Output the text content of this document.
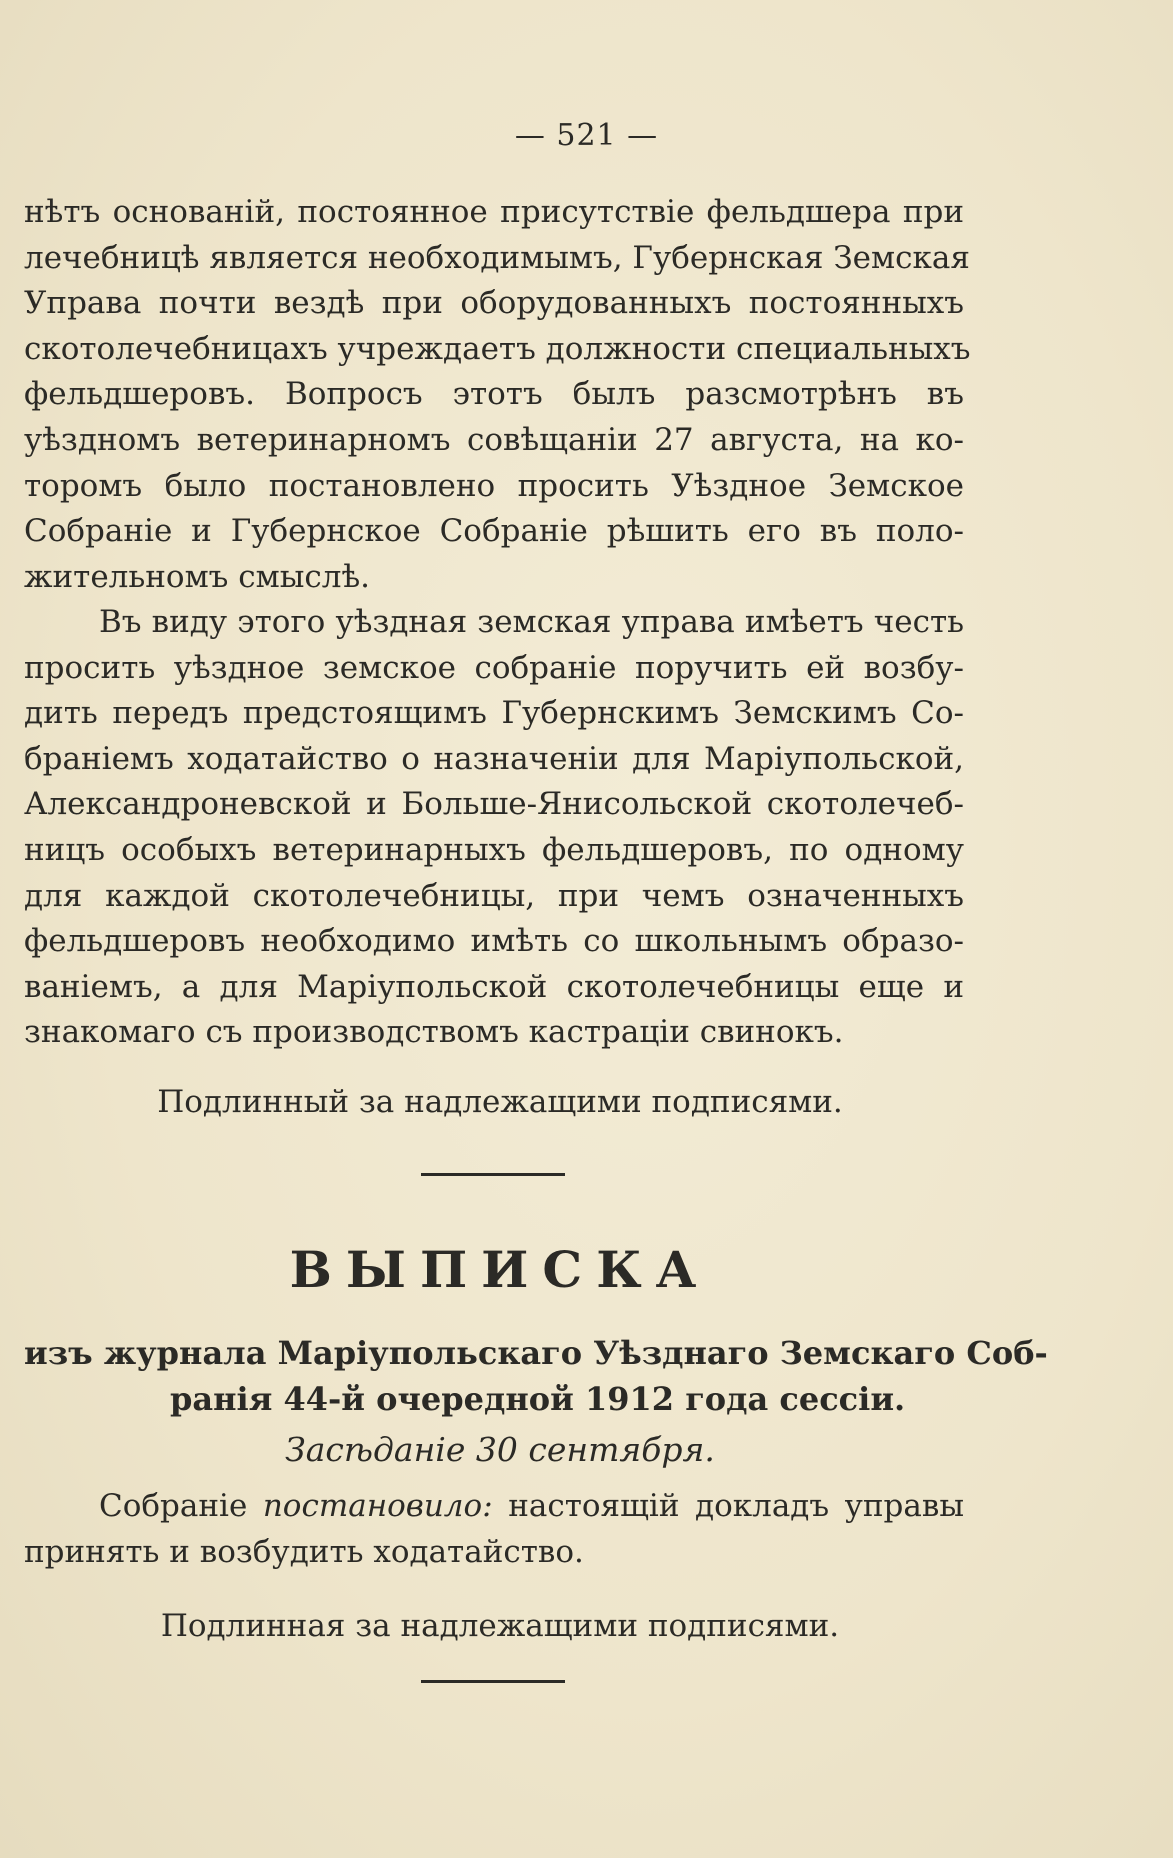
— 521 —
нѣтъ основаній, постоянное присутствіе фельдшера при
лечебницѣ является необходимымъ, Губернская Земская
Управа почти вездѣ при оборудованныхъ постоянныхъ
скотолечебницахъ учреждаетъ должности специальныхъ
фельдшеровъ. Вопросъ этотъ былъ разсмотрѣнъ въ
уѣздномъ ветеринарномъ совѣщаніи 27 августа, на ко-
торомъ было постановлено просить Уѣздное Земское
Собраніе и Губернское Собраніе рѣшить его въ поло-
жительномъ смыслѣ.
Въ виду этого уѣздная земская управа имѣетъ честь
просить уѣздное земское собраніе поручить ей возбу-
дить передъ предстоящимъ Губернскимъ Земскимъ Со-
браніемъ ходатайство о назначеніи для Маріупольской,
Александроневской и Больше-Янисольской скотолечеб-
ницъ особыхъ ветеринарныхъ фельдшеровъ, по одному
для каждой скотолечебницы, при чемъ означенныхъ
фельдшеровъ необходимо имѣть со школьнымъ образо-
ваніемъ, а для Маріупольской скотолечебницы еще и
знакомаго съ производствомъ кастраціи свинокъ.
Подлинный за надлежащими подписями.
ВЫПИСКА
изъ журнала Маріупольскаго Уѣзднаго Земскаго Соб-
ранія 44-й очередной 1912 года сессіи.
Засѣданіе 30 сентября.
Собраніе постановило: настоящій докладъ управы
принять и возбудить ходатайство.
Подлинная за надлежащими подписями.
